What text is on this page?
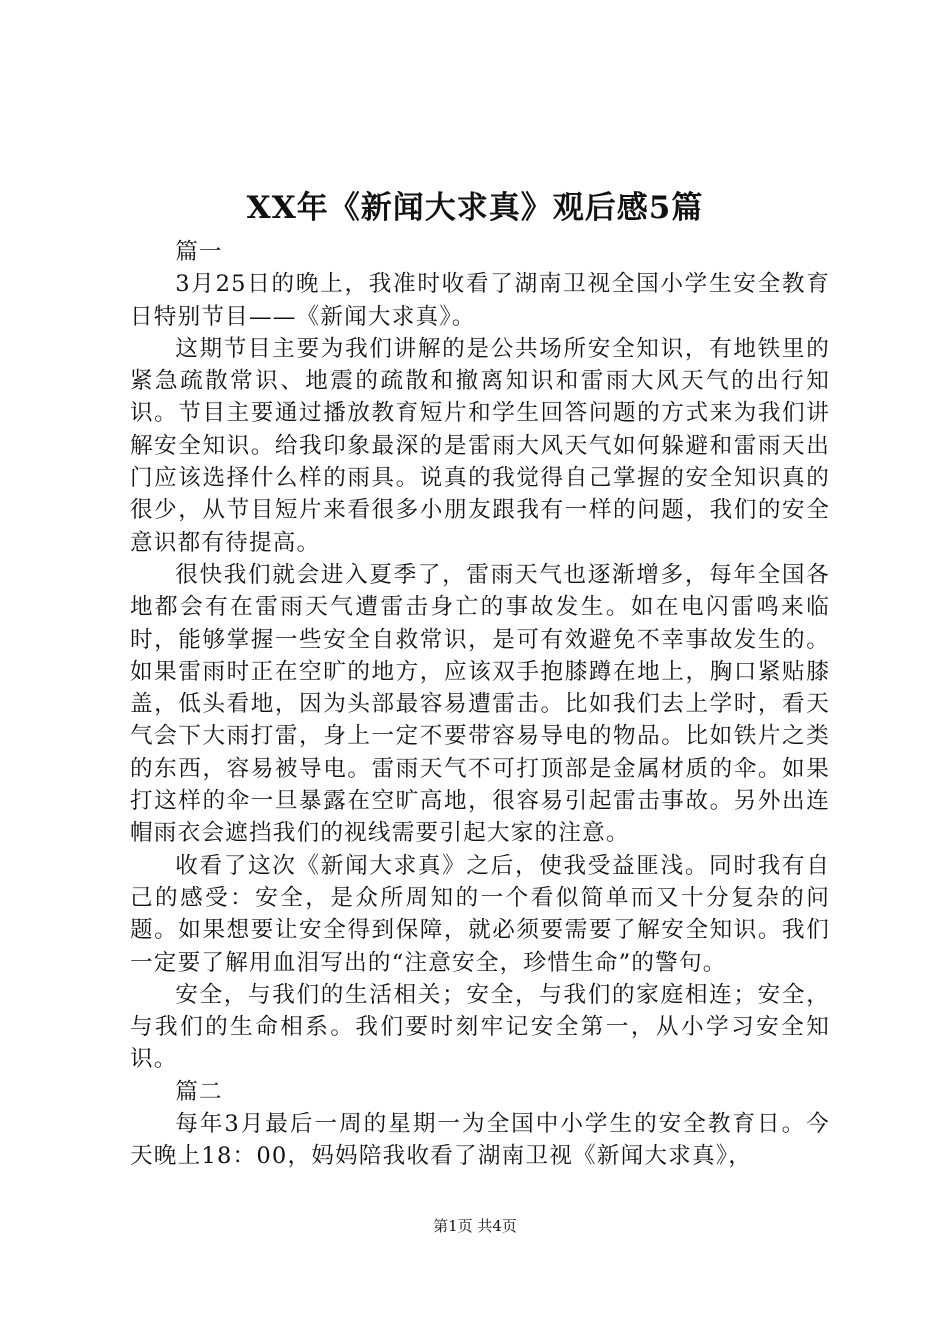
XX年《新闻大求真》观后感5篇

篇一

3月25日的晚上，我准时收看了湖南卫视全国小学生安全教育日特别节目——《新闻大求真》。

这期节目主要为我们讲解的是公共场所安全知识，有地铁里的紧急疏散常识、地震的疏散和撤离知识和雷雨大风天气的出行知识。节目主要通过播放教育短片和学生回答问题的方式来为我们讲解安全知识。给我印象最深的是雷雨大风天气如何躲避和雷雨天出门应该选择什么样的雨具。说真的我觉得自己掌握的安全知识真的很少，从节目短片来看很多小朋友跟我有一样的问题，我们的安全意识都有待提高。

很快我们就会进入夏季了，雷雨天气也逐渐增多，每年全国各地都会有在雷雨天气遭雷击身亡的事故发生。如在电闪雷鸣来临时，能够掌握一些安全自救常识，是可有效避免不幸事故发生的。如果雷雨时正在空旷的地方，应该双手抱膝蹲在地上，胸口紧贴膝盖，低头看地，因为头部最容易遭雷击。比如我们去上学时，看天气会下大雨打雷，身上一定不要带容易导电的物品。比如铁片之类的东西，容易被导电。雷雨天气不可打顶部是金属材质的伞。如果打这样的伞一旦暴露在空旷高地，很容易引起雷击事故。另外出连帽雨衣会遮挡我们的视线需要引起大家的注意。

收看了这次《新闻大求真》之后，使我受益匪浅。同时我有自己的感受：安全，是众所周知的一个看似简单而又十分复杂的问题。如果想要让安全得到保障，就必须要需要了解安全知识。我们一定要了解用血泪写出的“注意安全，珍惜生命”的警句。

安全，与我们的生活相关；安全，与我们的家庭相连；安全，与我们的生命相系。我们要时刻牢记安全第一，从小学习安全知识。

篇二

每年3月最后一周的星期一为全国中小学生的安全教育日。今天晚上18：00，妈妈陪我收看了湖南卫视《新闻大求真》，

第1页 共4页
